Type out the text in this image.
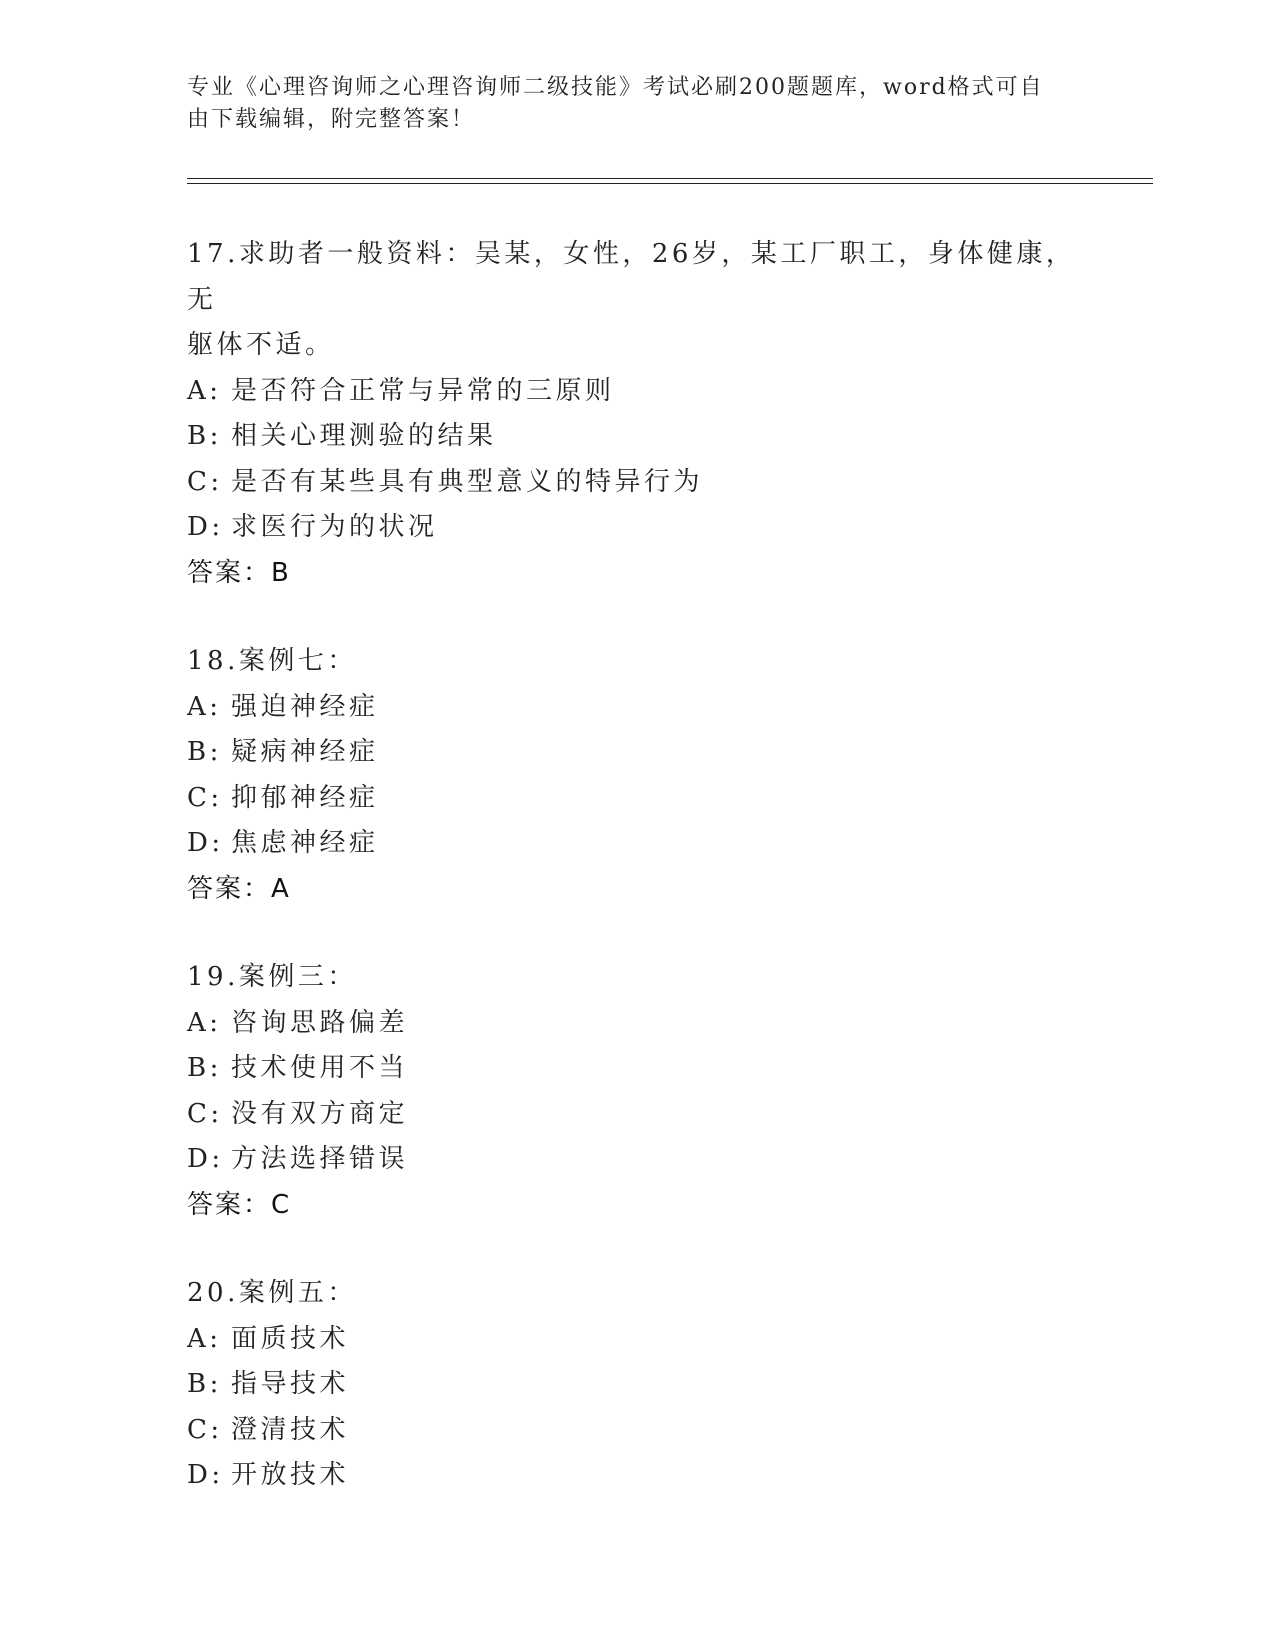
专业《心理咨询师之心理咨询师二级技能》考试必刷200题题库，word格式可自
由下载编辑，附完整答案！
17.求助者一般资料：吴某，女性，26岁，某工厂职工，身体健康，无
躯体不适。
A: 是否符合正常与异常的三原则
B: 相关心理测验的结果
C: 是否有某些具有典型意义的特异行为
D: 求医行为的状况
答案：B
18.案例七：
A: 强迫神经症
B: 疑病神经症
C: 抑郁神经症
D: 焦虑神经症
答案：A
19.案例三：
A: 咨询思路偏差
B: 技术使用不当
C: 没有双方商定
D: 方法选择错误
答案：C
20.案例五：
A: 面质技术
B: 指导技术
C: 澄清技术
D: 开放技术
